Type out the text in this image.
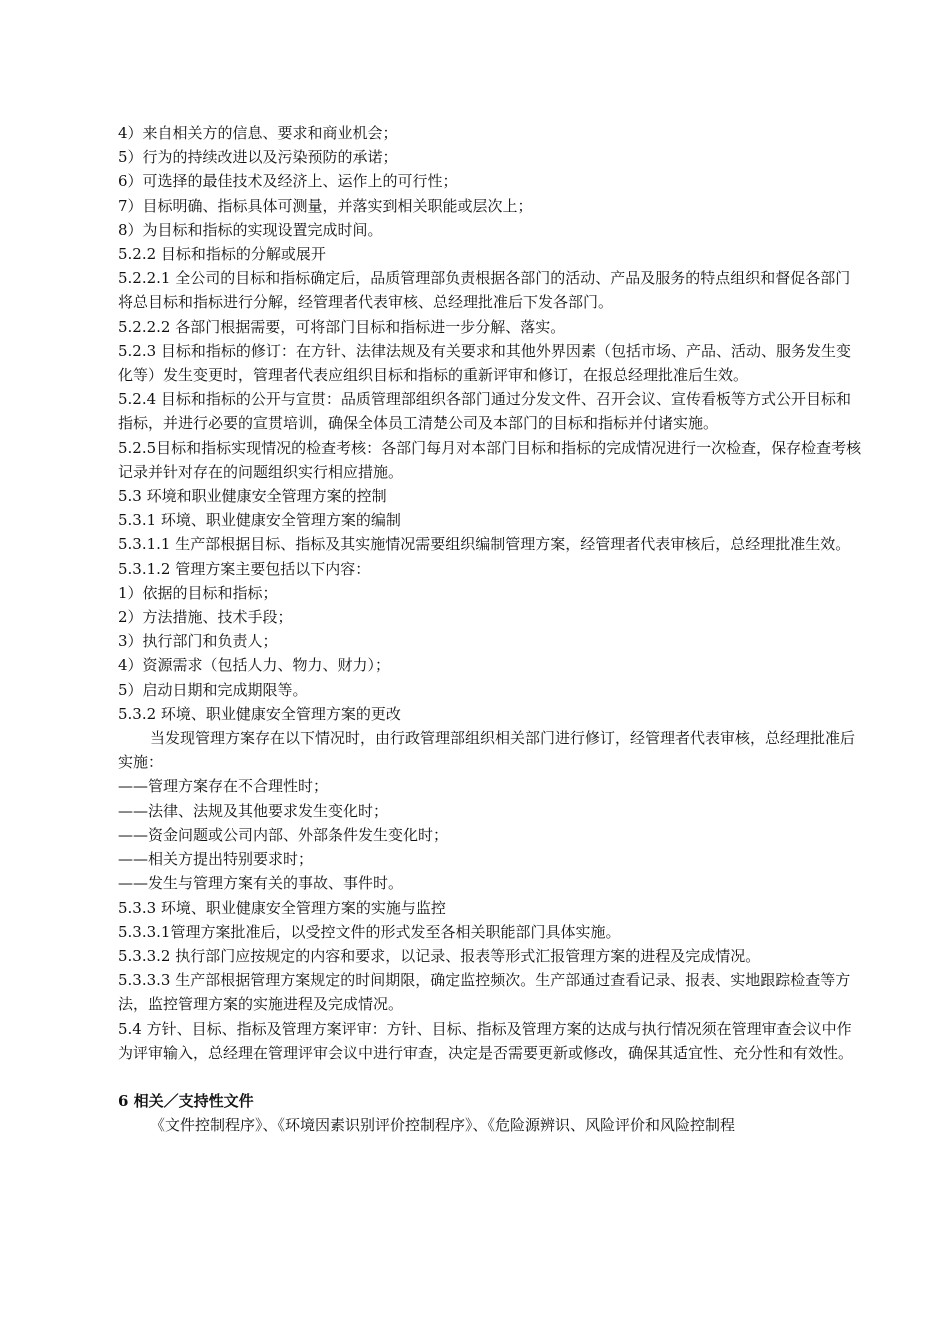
4）来自相关方的信息、要求和商业机会；

5）行为的持续改进以及污染预防的承诺；

6）可选择的最佳技术及经济上、运作上的可行性；

7）目标明确、指标具体可测量，并落实到相关职能或层次上；

8）为目标和指标的实现设置完成时间。

5.2.2 目标和指标的分解或展开

5.2.2.1 全公司的目标和指标确定后，品质管理部负责根据各部门的活动、产品及服务的特点组织和督促各部门将总目标和指标进行分解，经管理者代表审核、总经理批准后下发各部门。

5.2.2.2 各部门根据需要，可将部门目标和指标进一步分解、落实。

5.2.3 目标和指标的修订：在方针、法律法规及有关要求和其他外界因素（包括市场、产品、活动、服务发生变化等）发生变更时，管理者代表应组织目标和指标的重新评审和修订，在报总经理批准后生效。

5.2.4 目标和指标的公开与宣贯：品质管理部组织各部门通过分发文件、召开会议、宣传看板等方式公开目标和指标，并进行必要的宣贯培训，确保全体员工清楚公司及本部门的目标和指标并付诸实施。

5.2.5目标和指标实现情况的检查考核：各部门每月对本部门目标和指标的完成情况进行一次检查，保存检查考核记录并针对存在的问题组织实行相应措施。

5.3 环境和职业健康安全管理方案的控制

5.3.1 环境、职业健康安全管理方案的编制

5.3.1.1 生产部根据目标、指标及其实施情况需要组织编制管理方案，经管理者代表审核后，总经理批准生效。

5.3.1.2 管理方案主要包括以下内容：

1）依据的目标和指标；

2）方法措施、技术手段；

3）执行部门和负责人；

4）资源需求（包括人力、物力、财力）；

5）启动日期和完成期限等。

5.3.2 环境、职业健康安全管理方案的更改

当发现管理方案存在以下情况时，由行政管理部组织相关部门进行修订，经管理者代表审核，总经理批准后实施：

——管理方案存在不合理性时；

——法律、法规及其他要求发生变化时；

——资金问题或公司内部、外部条件发生变化时；

——相关方提出特别要求时；

——发生与管理方案有关的事故、事件时。

5.3.3 环境、职业健康安全管理方案的实施与监控

5.3.3.1管理方案批准后，以受控文件的形式发至各相关职能部门具体实施。

5.3.3.2 执行部门应按规定的内容和要求，以记录、报表等形式汇报管理方案的进程及完成情况。

5.3.3.3 生产部根据管理方案规定的时间期限，确定监控频次。生产部通过查看记录、报表、实地跟踪检查等方法，监控管理方案的实施进程及完成情况。

5.4 方针、目标、指标及管理方案评审：方针、目标、指标及管理方案的达成与执行情况须在管理审查会议中作为评审输入，总经理在管理评审会议中进行审查，决定是否需要更新或修改，确保其适宜性、充分性和有效性。

6 相关／支持性文件

《文件控制程序》、《环境因素识别评价控制程序》、《危险源辨识、风险评价和风险控制程
